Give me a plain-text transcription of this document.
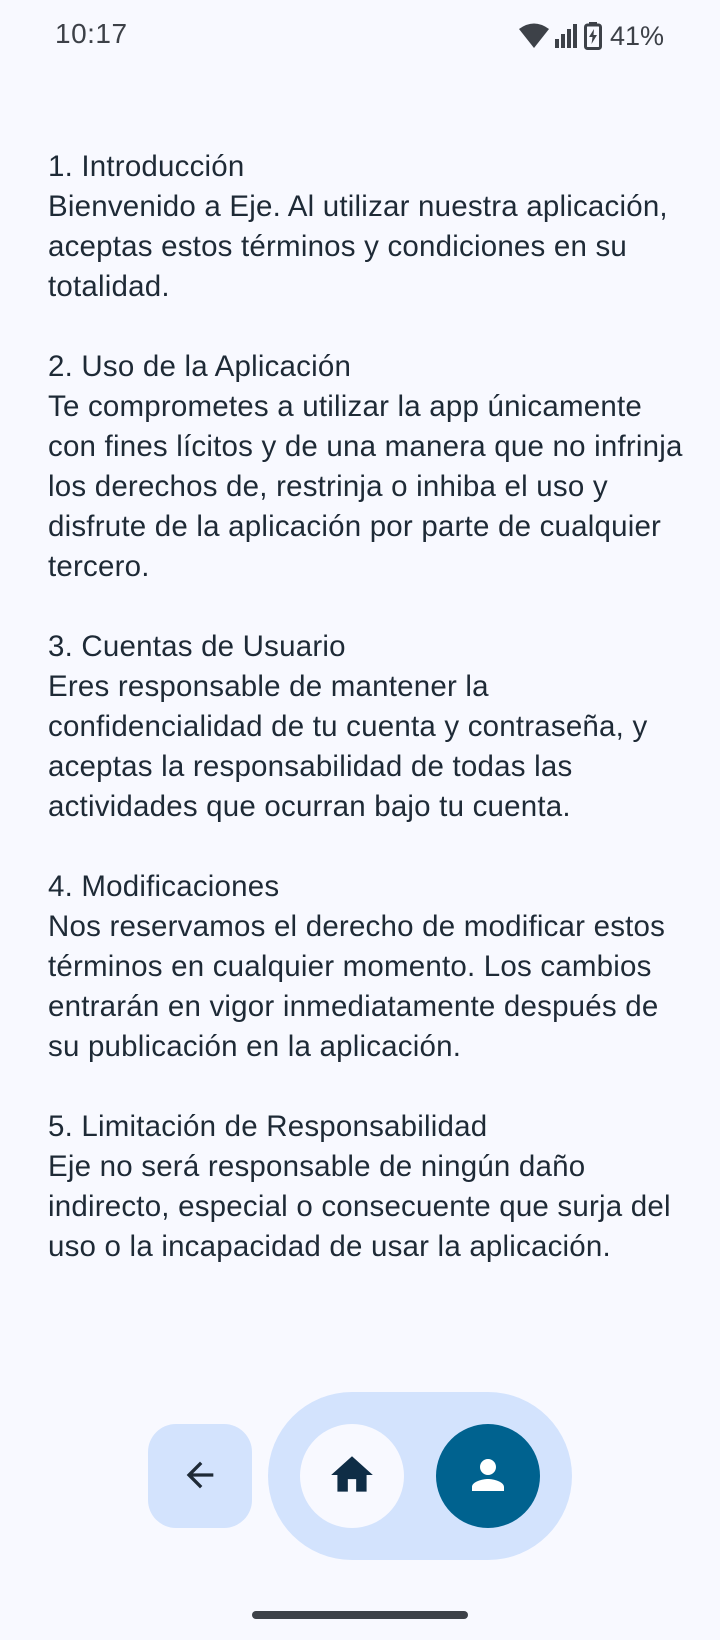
10:17	41%

1. Introducción

Bienvenido a Eje. Al utilizar nuestra aplicación, aceptas estos términos y condiciones en su totalidad.

2. Uso de la Aplicación

Te comprometes a utilizar la app únicamente con fines lícitos y de una manera que no infrinja los derechos de, restrinja o inhiba el uso y disfrute de la aplicación por parte de cualquier tercero.

3. Cuentas de Usuario

Eres responsable de mantener la confidencialidad de tu cuenta y contraseña, y aceptas la responsabilidad de todas las actividades que ocurran bajo tu cuenta.

4. Modificaciones

Nos reservamos el derecho de modificar estos términos en cualquier momento. Los cambios entrarán en vigor inmediatamente después de su publicación en la aplicación.

5. Limitación de Responsabilidad

Eje no será responsable de ningún daño indirecto, especial o consecuente que surja del uso o la incapacidad de usar la aplicación.
